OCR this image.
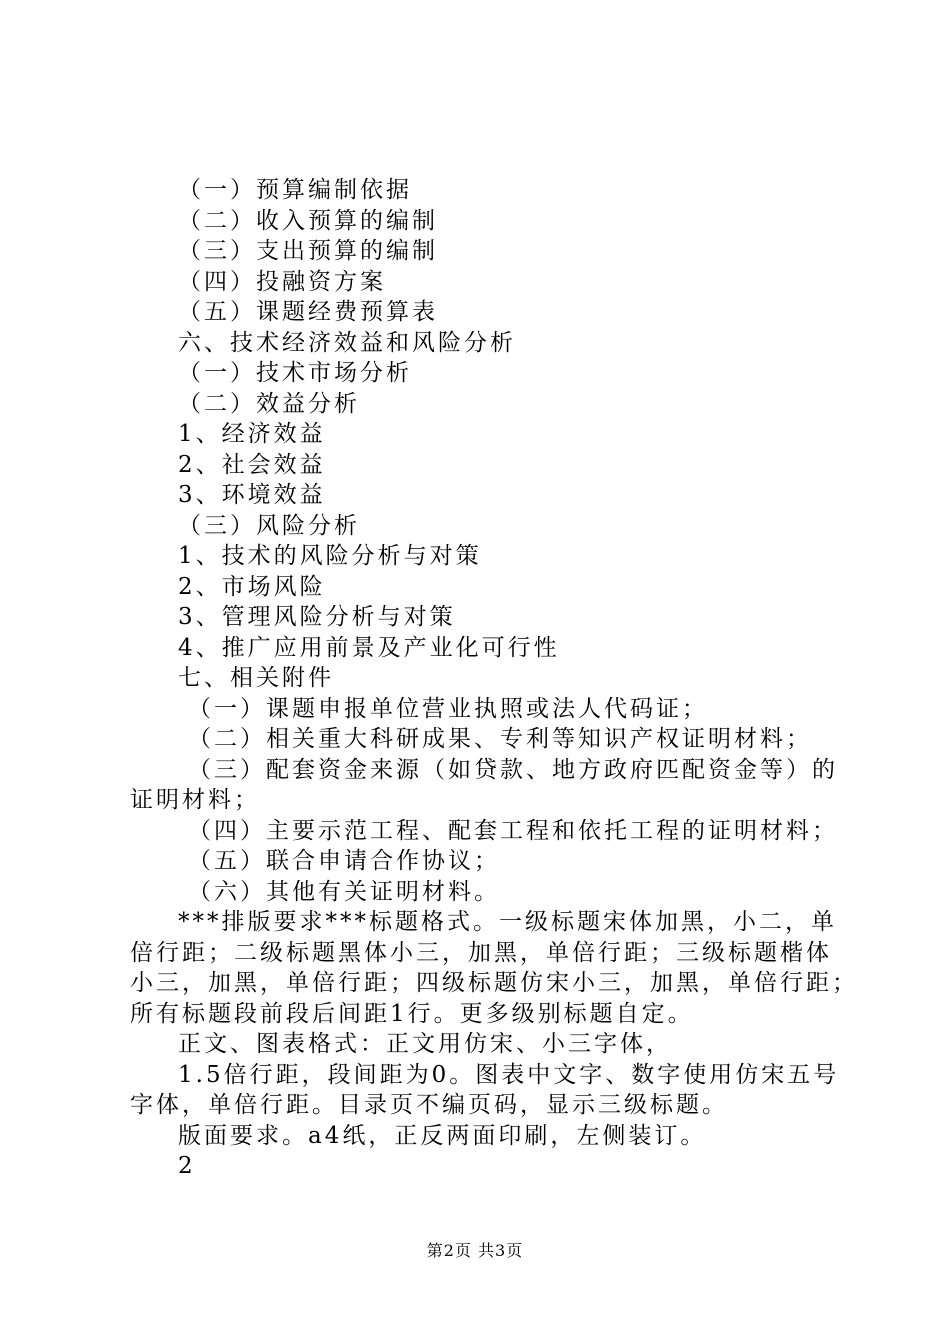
（一）预算编制依据
（二）收入预算的编制
（三）支出预算的编制
（四）投融资方案
（五）课题经费预算表
六、技术经济效益和风险分析
（一）技术市场分析
（二）效益分析
1、经济效益
2、社会效益
3、环境效益
（三）风险分析
1、技术的风险分析与对策
2、市场风险
3、管理风险分析与对策
4、推广应用前景及产业化可行性
七、相关附件
（一）课题申报单位营业执照或法人代码证；
（二）相关重大科研成果、专利等知识产权证明材料；
（三）配套资金来源（如贷款、地方政府匹配资金等）的
证明材料；
（四）主要示范工程、配套工程和依托工程的证明材料；
（五）联合申请合作协议；
（六）其他有关证明材料。
***排版要求***标题格式。一级标题宋体加黑，小二，单
倍行距；二级标题黑体小三，加黑，单倍行距；三级标题楷体
小三，加黑，单倍行距；四级标题仿宋小三，加黑，单倍行距；
所有标题段前段后间距1行。更多级别标题自定。
正文、图表格式：正文用仿宋、小三字体，
1.5倍行距，段间距为0。图表中文字、数字使用仿宋五号
字体，单倍行距。目录页不编页码，显示三级标题。
版面要求。a4纸，正反两面印刷，左侧装订。
2
第2页 共3页
